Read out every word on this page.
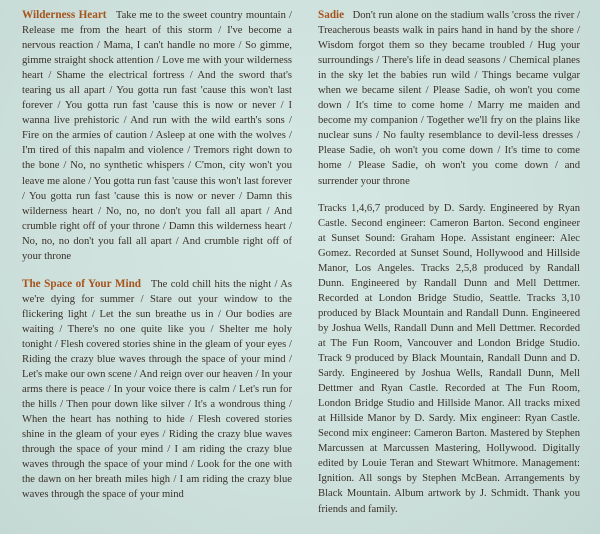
Wilderness Heart Take me to the sweet country mountain / Release me from the heart of this storm / I've become a nervous reaction / Mama, I can't handle no more / So gimme, gimme straight shock attention / Love me with your wilderness heart / Shame the electrical fortress / And the sword that's tearing us all apart / You gotta run fast 'cause this won't last forever / You gotta run fast 'cause this is now or never / I wanna live prehistoric / And run with the wild earth's sons / Fire on the armies of caution / Asleep at one with the wolves / I'm tired of this napalm and violence / Tremors right down to the bone / No, no synthetic whispers / C'mon, city won't you leave me alone / You gotta run fast 'cause this won't last forever / You gotta run fast 'cause this is now or never / Damn this wilderness heart / No, no, no don't you fall all apart / And crumble right off of your throne / Damn this wilderness heart / No, no, no don't you fall all apart / And crumble right off of your throne

The Space of Your Mind The cold chill hits the night / As we're dying for summer / Stare out your window to the flickering light / Let the sun breathe us in / Our bodies are waiting / There's no one quite like you / Shelter me holy tonight / Flesh covered stories shine in the gleam of your eyes / Riding the crazy blue waves through the space of your mind / Let's make our own scene / And reign over our heaven / In your arms there is peace / In your voice there is calm / Let's run for the hills / Then pour down like silver / It's a wondrous thing / When the heart has nothing to hide / Flesh covered stories shine in the gleam of your eyes / Riding the crazy blue waves through the space of your mind / I am riding the crazy blue waves through the space of your mind / Look for the one with the dawn on her breath miles high / I am riding the crazy blue waves through the space of your mind

Sadie Don't run alone on the stadium walls 'cross the river / Treacherous beasts walk in pairs hand in hand by the shore / Wisdom forgot them so they became troubled / Hug your surroundings / There's life in dead seasons / Chemical planes in the sky let the babies run wild / Things became vulgar when we became silent / Please Sadie, oh won't you come down / It's time to come home / Marry me maiden and become my companion / Together we'll fry on the plains like nuclear suns / No faulty resemblance to devil-less dresses / Please Sadie, oh won't you come down / It's time to come home / Please Sadie, oh won't you come down / and surrender your throne

Tracks 1,4,6,7 produced by D. Sardy. Engineered by Ryan Castle. Second engineer: Cameron Barton. Second engineer at Sunset Sound: Graham Hope. Assistant engineer: Alec Gomez. Recorded at Sunset Sound, Hollywood and Hillside Manor, Los Angeles. Tracks 2,5,8 produced by Randall Dunn. Engineered by Randall Dunn and Mell Dettmer. Recorded at London Bridge Studio, Seattle. Tracks 3,10 produced by Black Mountain and Randall Dunn. Engineered by Joshua Wells, Randall Dunn and Mell Dettmer. Recorded at The Fun Room, Vancouver and London Bridge Studio. Track 9 produced by Black Mountain, Randall Dunn and D. Sardy. Engineered by Joshua Wells, Randall Dunn, Mell Dettmer and Ryan Castle. Recorded at The Fun Room, London Bridge Studio and Hillside Manor. All tracks mixed at Hillside Manor by D. Sardy. Mix engineer: Ryan Castle. Second mix engineer: Cameron Barton. Mastered by Stephen Marcussen at Marcussen Mastering, Hollywood. Digitally edited by Louie Teran and Stewart Whitmore. Management: Ignition. All songs by Stephen McBean. Arrangements by Black Mountain. Album artwork by J. Schmidt. Thank you friends and family.
